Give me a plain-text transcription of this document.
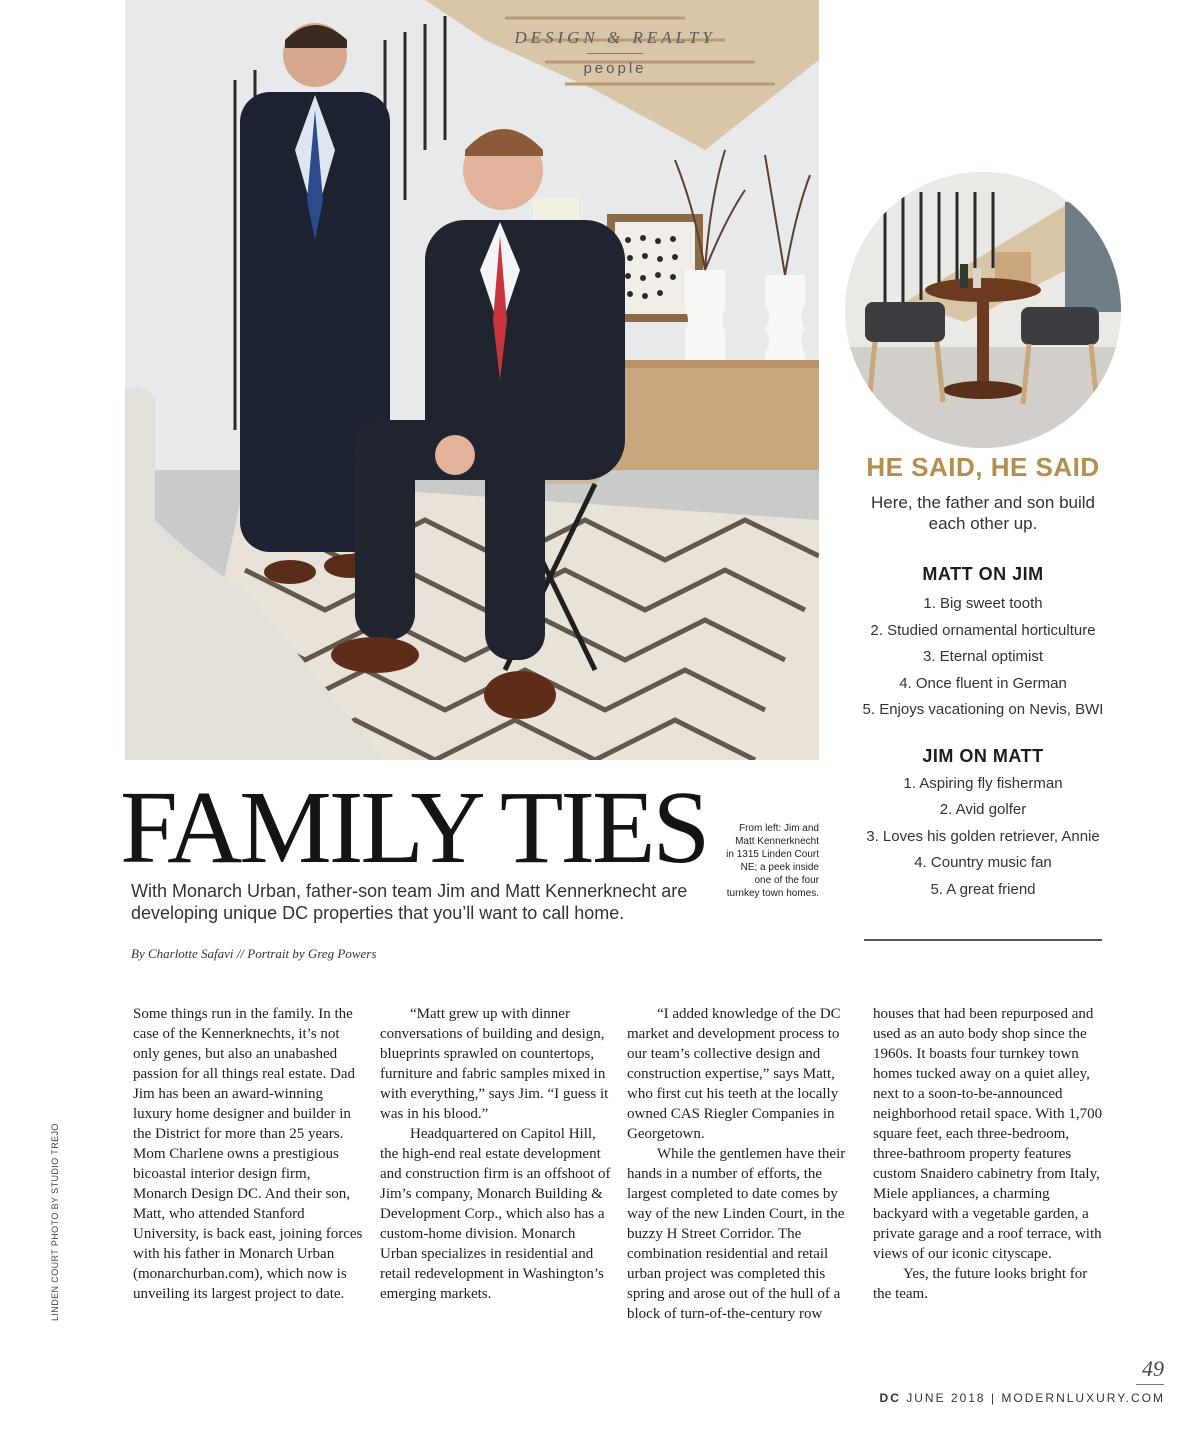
DESIGN & REALTY
people
HE SAID, HE SAID

Here, the father and son build each other up.

MATT ON JIM
1. Big sweet tooth
2. Studied ornamental horticulture
3. Eternal optimist
4. Once fluent in German
5. Enjoys vacationing on Nevis, BWI
JIM ON MATT
1. Aspiring fly fisherman
2. Avid golfer
3. Loves his golden retriever, Annie
4. Country music fan
5. A great friend
FAMILY TIES

With Monarch Urban, father-son team Jim and Matt Kennerknecht are developing unique DC properties that you’ll want to call home.

By Charlotte Safavi // Portrait by Greg Powers

From left: Jim and Matt Kennerknecht in 1315 Linden Court NE; a peek inside one of the four turnkey town homes.

Some things run in the family. In the case of the Kennerknechts, it’s not only genes, but also an unabashed passion for all things real estate. Dad Jim has been an award-winning luxury home designer and builder in the District for more than 25 years. Mom Charlene owns a prestigious bicoastal interior design firm, Monarch Design DC. And their son, Matt, who attended Stanford University, is back east, joining forces with his father in Monarch Urban (monarchurban.com), which now is unveiling its largest project to date.

“Matt grew up with dinner conversations of building and design, blueprints sprawled on countertops, furniture and fabric samples mixed in with everything,” says Jim. “I guess it was in his blood.”

Headquartered on Capitol Hill, the high-end real estate development and construction firm is an offshoot of Jim’s company, Monarch Building & Development Corp., which also has a custom-home division. Monarch Urban specializes in residential and retail redevelopment in Washington’s emerging markets.

“I added knowledge of the DC market and development process to our team’s collective design and construction expertise,” says Matt, who first cut his teeth at the locally owned CAS Riegler Companies in Georgetown.

While the gentlemen have their hands in a number of efforts, the largest completed to date comes by way of the new Linden Court, in the buzzy H Street Corridor. The combination residential and retail urban project was completed this spring and arose out of the hull of a block of turn-of-the-century row

houses that had been repurposed and used as an auto body shop since the 1960s. It boasts four turnkey town homes tucked away on a quiet alley, next to a soon-to-be-announced neighborhood retail space. With 1,700 square feet, each three-bedroom, three-bathroom property features custom Snaidero cabinetry from Italy, Miele appliances, a charming backyard with a vegetable garden, a private garage and a roof terrace, with views of our iconic cityscape.

Yes, the future looks bright for the team.

LINDEN COURT PHOTO BY STUDIO TREJO
49
DC JUNE 2018 | MODERNLUXURY.COM
